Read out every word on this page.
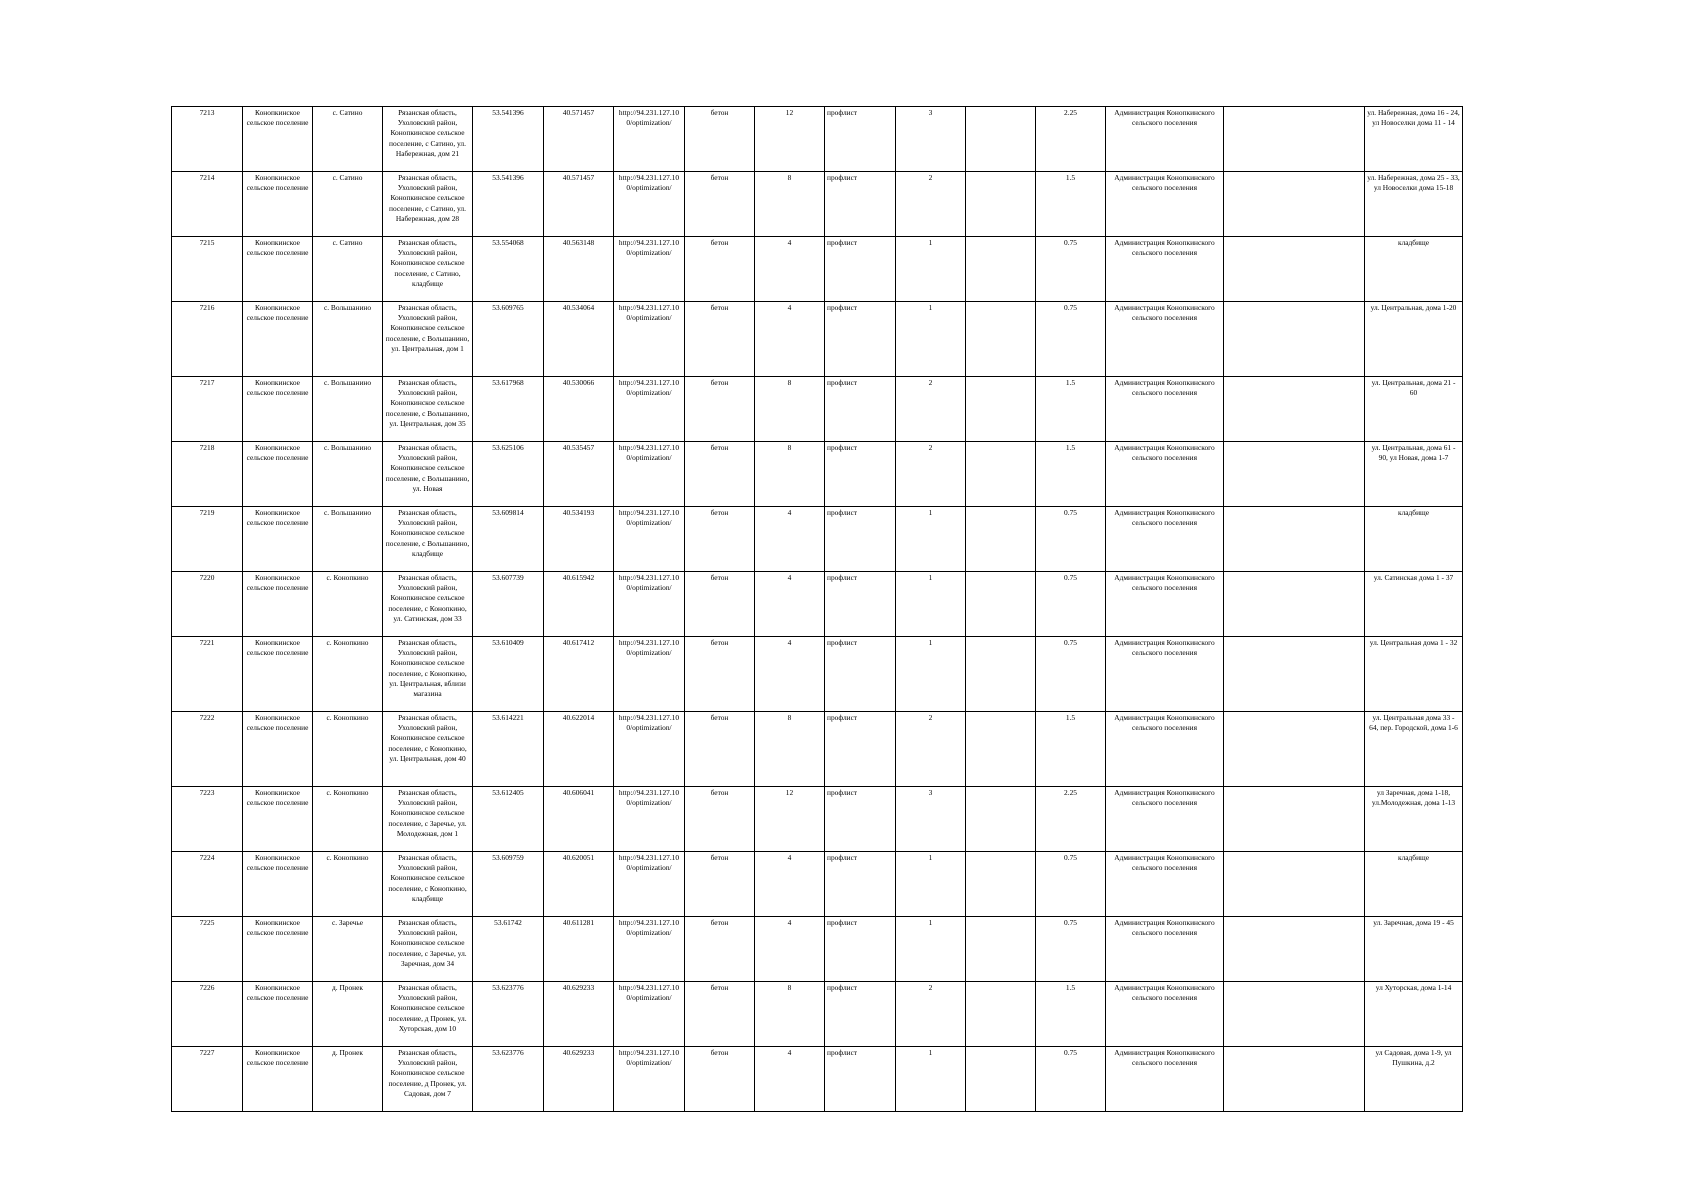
7213	Конопкинское сельское поселение	с. Сатино	Рязанская область, Ухоловский район, Конопкинское сельское поселение, с Сатино, ул. Набережная, дом 21	53.541396	40.571457	http://94.231.127.10 0/optimization/	бетон	12	профлист	3		2.25	Администрация Конопкинского сельского поселения		ул. Набережная, дома 16 - 24, ул Новоселки дома 11 - 14
7214	Конопкинское сельское поселение	с. Сатино	Рязанская область, Ухоловский район, Конопкинское сельское поселение, с Сатино, ул. Набережная, дом 28	53.541396	40.571457	http://94.231.127.10 0/optimization/	бетон	8	профлист	2		1.5	Администрация Конопкинского сельского поселения		ул. Набережная, дома 25 - 33, ул Новоселки дома 15-18
7215	Конопкинское сельское поселение	с. Сатино	Рязанская область, Ухоловский район, Конопкинское сельское поселение, с Сатино, кладбище	53.554068	40.563148	http://94.231.127.10 0/optimization/	бетон	4	профлист	1		0.75	Администрация Конопкинского сельского поселения		кладбище
7216	Конопкинское сельское поселение	с. Вольшанино	Рязанская область, Ухоловский район, Конопкинское сельское поселение, с Вольшанино, ул. Центральная, дом 1	53.609765	40.534064	http://94.231.127.10 0/optimization/	бетон	4	профлист	1		0.75	Администрация Конопкинского сельского поселения		ул. Центральная, дома 1-20
7217	Конопкинское сельское поселение	с. Вольшанино	Рязанская область, Ухоловский район, Конопкинское сельское поселение, с Вольшанино, ул. Центральная, дом 35	53.617968	40.530066	http://94.231.127.10 0/optimization/	бетон	8	профлист	2		1.5	Администрация Конопкинского сельского поселения		ул. Центральная, дома 21 - 60
7218	Конопкинское сельское поселение	с. Вольшанино	Рязанская область, Ухоловский район, Конопкинское сельское поселение, с Вольшанино, ул. Новая	53.625106	40.535457	http://94.231.127.10 0/optimization/	бетон	8	профлист	2		1.5	Администрация Конопкинского сельского поселения		ул. Центральная, дома 61 - 90, ул Новая, дома 1-7
7219	Конопкинское сельское поселение	с. Вольшанино	Рязанская область, Ухоловский район, Конопкинское сельское поселение, с Вольшанино, кладбище	53.609814	40.534193	http://94.231.127.10 0/optimization/	бетон	4	профлист	1		0.75	Администрация Конопкинского сельского поселения		кладбище
7220	Конопкинское сельское поселение	с. Конопкино	Рязанская область, Ухоловский район, Конопкинское сельское поселение, с Конопкино, ул. Сатинская, дом 33	53.607739	40.615942	http://94.231.127.10 0/optimization/	бетон	4	профлист	1		0.75	Администрация Конопкинского сельского поселения		ул. Сатинская дома 1 - 37
7221	Конопкинское сельское поселение	с. Конопкино	Рязанская область, Ухоловский район, Конопкинское сельское поселение, с Конопкино, ул. Центральная, вблизи магазина	53.610409	40.617412	http://94.231.127.10 0/optimization/	бетон	4	профлист	1		0.75	Администрация Конопкинского сельского поселения		ул. Центральная дома 1 - 32
7222	Конопкинское сельское поселение	с. Конопкино	Рязанская область, Ухоловский район, Конопкинское сельское поселение, с Конопкино, ул. Центральная, дом 40	53.614221	40.622014	http://94.231.127.10 0/optimization/	бетон	8	профлист	2		1.5	Администрация Конопкинского сельского поселения		ул. Центральная дома 33 - 64, пер. Городской, дома 1-6
7223	Конопкинское сельское поселение	с. Конопкино	Рязанская область, Ухоловский район, Конопкинское сельское поселение, с Заречье, ул. Молодежная, дом 1	53.612405	40.606041	http://94.231.127.10 0/optimization/	бетон	12	профлист	3		2.25	Администрация Конопкинского сельского поселения		ул Заречная, дома 1-18, ул.Молодежная, дома 1-13
7224	Конопкинское сельское поселение	с. Конопкино	Рязанская область, Ухоловский район, Конопкинское сельское поселение, с Конопкино, кладбище	53.609759	40.620051	http://94.231.127.10 0/optimization/	бетон	4	профлист	1		0.75	Администрация Конопкинского сельского поселения		кладбище
7225	Конопкинское сельское поселение	с. Заречье	Рязанская область, Ухоловский район, Конопкинское сельское поселение, с Заречье, ул. Заречная, дом 34	53.61742	40.611281	http://94.231.127.10 0/optimization/	бетон	4	профлист	1		0.75	Администрация Конопкинского сельского поселения		ул. Заречная, дома 19 - 45
7226	Конопкинское сельское поселение	д. Пронек	Рязанская область, Ухоловский район, Конопкинское сельское поселение, д Пронек, ул. Хуторская, дом 10	53.623776	40.629233	http://94.231.127.10 0/optimization/	бетон	8	профлист	2		1.5	Администрация Конопкинского сельского поселения		ул Хуторская, дома 1-14
7227	Конопкинское сельское поселение	д. Пронек	Рязанская область, Ухоловский район, Конопкинское сельское поселение, д Пронек, ул. Садовая, дом 7	53.623776	40.629233	http://94.231.127.10 0/optimization/	бетон	4	профлист	1		0.75	Администрация Конопкинского сельского поселения		ул Садовая, дома 1-9, ул Пушкина, д.2
